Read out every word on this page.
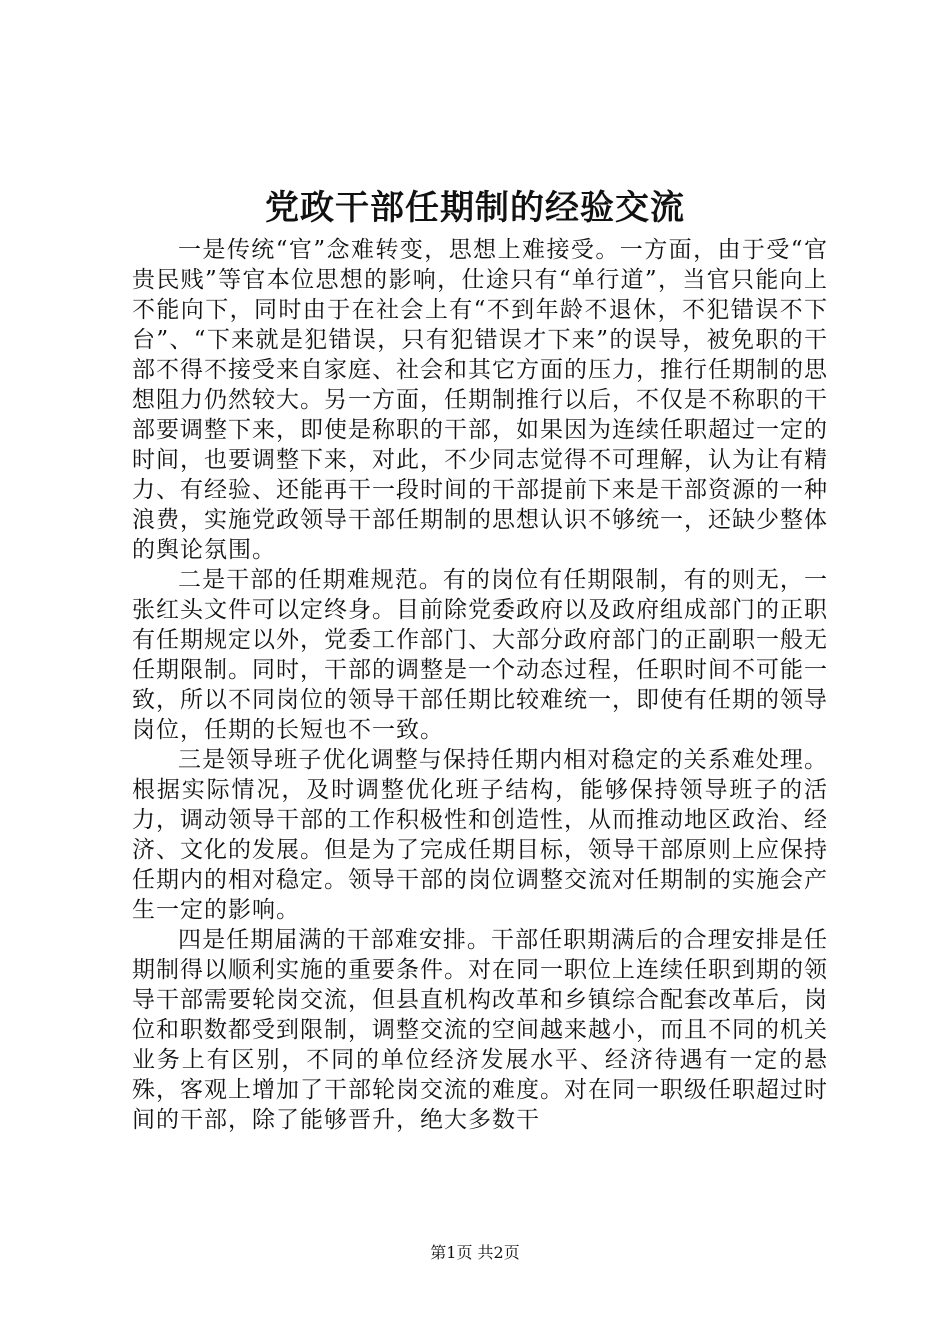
党政干部任期制的经验交流

一是传统“官”念难转变，思想上难接受。一方面，由于受“官贵民贱”等官本位思想的影响，仕途只有“单行道”，当官只能向上不能向下，同时由于在社会上有“不到年龄不退休，不犯错误不下台”、“下来就是犯错误，只有犯错误才下来”的误导，被免职的干部不得不接受来自家庭、社会和其它方面的压力，推行任期制的思想阻力仍然较大。另一方面，任期制推行以后，不仅是不称职的干部要调整下来，即使是称职的干部，如果因为连续任职超过一定的时间，也要调整下来，对此，不少同志觉得不可理解，认为让有精力、有经验、还能再干一段时间的干部提前下来是干部资源的一种浪费，实施党政领导干部任期制的思想认识不够统一，还缺少整体的舆论氛围。

二是干部的任期难规范。有的岗位有任期限制，有的则无，一张红头文件可以定终身。目前除党委政府以及政府组成部门的正职有任期规定以外，党委工作部门、大部分政府部门的正副职一般无任期限制。同时，干部的调整是一个动态过程，任职时间不可能一致，所以不同岗位的领导干部任期比较难统一，即使有任期的领导岗位，任期的长短也不一致。

三是领导班子优化调整与保持任期内相对稳定的关系难处理。根据实际情况，及时调整优化班子结构，能够保持领导班子的活力，调动领导干部的工作积极性和创造性，从而推动地区政治、经济、文化的发展。但是为了完成任期目标，领导干部原则上应保持任期内的相对稳定。领导干部的岗位调整交流对任期制的实施会产生一定的影响。

四是任期届满的干部难安排。干部任职期满后的合理安排是任期制得以顺利实施的重要条件。对在同一职位上连续任职到期的领导干部需要轮岗交流，但县直机构改革和乡镇综合配套改革后，岗位和职数都受到限制，调整交流的空间越来越小，而且不同的机关业务上有区别，不同的单位经济发展水平、经济待遇有一定的悬殊，客观上增加了干部轮岗交流的难度。对在同一职级任职超过时间的干部，除了能够晋升，绝大多数干

第1页 共2页
